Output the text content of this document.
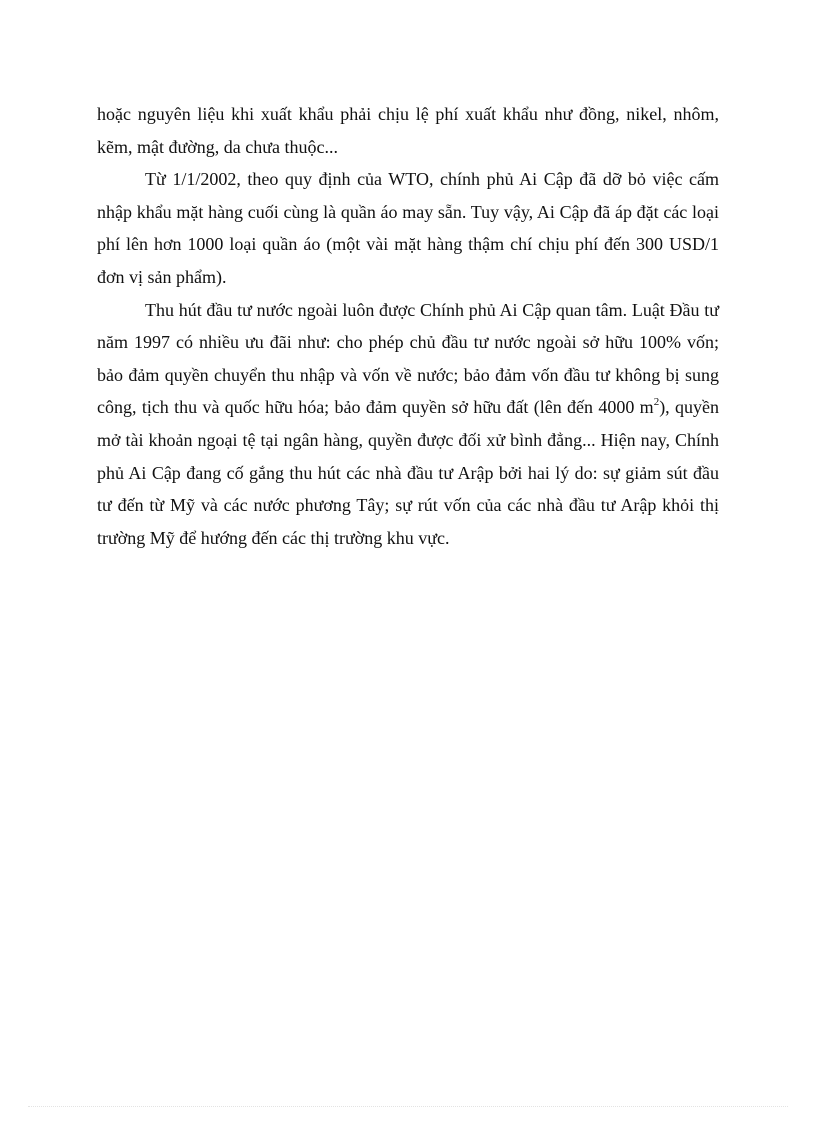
hoặc nguyên liệu khi xuất khẩu phải chịu lệ phí xuất khẩu như đồng, nikel, nhôm, kẽm, mật đường, da chưa thuộc...

Từ 1/1/2002, theo quy định của WTO, chính phủ Ai Cập đã dỡ bỏ việc cấm nhập khẩu mặt hàng cuối cùng là quần áo may sẵn. Tuy vậy, Ai Cập đã áp đặt các loại phí lên hơn 1000 loại quần áo (một vài mặt hàng thậm chí chịu phí đến 300 USD/1 đơn vị sản phẩm).

Thu hút đầu tư nước ngoài luôn được Chính phủ Ai Cập quan tâm. Luật Đầu tư năm 1997 có nhiều ưu đãi như: cho phép chủ đầu tư nước ngoài sở hữu 100% vốn; bảo đảm quyền chuyển thu nhập và vốn về nước; bảo đảm vốn đầu tư không bị sung công, tịch thu và quốc hữu hóa; bảo đảm quyền sở hữu đất (lên đến 4000 $m^2$), quyền mở tài khoản ngoại tệ tại ngân hàng, quyền được đối xử bình đẳng... Hiện nay, Chính phủ Ai Cập đang cố gắng thu hút các nhà đầu tư Arập bởi hai lý do: sự giảm sút đầu tư đến từ Mỹ và các nước phương Tây; sự rút vốn của các nhà đầu tư Arập khỏi thị trường Mỹ để hướng đến các thị trường khu vực.
